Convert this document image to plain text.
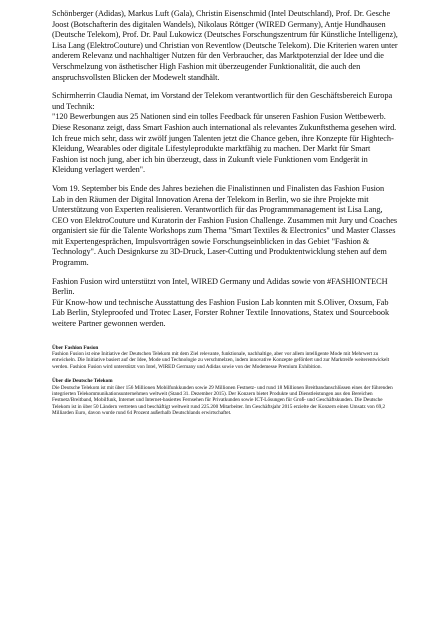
Schönberger (Adidas), Markus Luft (Gala), Christin Eisenschmid (Intel Deutschland), Prof. Dr. Gesche Joost (Botschafterin des digitalen Wandels), Nikolaus Röttger (WIRED Germany), Antje Hundhausen (Deutsche Telekom), Prof. Dr. Paul Lukowicz (Deutsches Forschungszentrum für Künstliche Intelligenz), Lisa Lang (ElektroCouture) und Christian von Reventlow (Deutsche Telekom). Die Kriterien waren unter anderem Relevanz und nachhaltiger Nutzen für den Verbraucher, das Marktpotenzial der Idee und die Verschmelzung von ästhetischer High Fashion mit überzeugender Funktionalität, die auch den anspruchsvollsten Blicken der Modewelt standhält.

Schirmherrin Claudia Nemat, im Vorstand der Telekom verantwortlich für den Geschäftsbereich Europa und Technik:

"120 Bewerbungen aus 25 Nationen sind ein tolles Feedback für unseren Fashion Fusion Wettbewerb. Diese Resonanz zeigt, dass Smart Fashion auch international als relevantes Zukunftsthema gesehen wird. Ich freue mich sehr, dass wir zwölf jungen Talenten jetzt die Chance geben, ihre Konzepte für Hightech-Kleidung, Wearables oder digitale Lifestyleprodukte marktfähig zu machen. Der Markt für Smart Fashion ist noch jung, aber ich bin überzeugt, dass in Zukunft viele Funktionen vom Endgerät in Kleidung verlagert werden".

Vom 19. September bis Ende des Jahres beziehen die Finalistinnen und Finalisten das Fashion Fusion Lab in den Räumen der Digital Innovation Arena der Telekom in Berlin, wo sie ihre Projekte mit Unterstützung von Experten realisieren. Verantwortlich für das Programmmanagement ist Lisa Lang, CEO von ElektroCouture und Kuratorin der Fashion Fusion Challenge. Zusammen mit Jury und Coaches organisiert sie für die Talente Workshops zum Thema "Smart Textiles & Electronics" und Master Classes mit Expertengesprächen, Impulsvorträgen sowie Forschungseinblicken in das Gebiet "Fashion & Technology". Auch Designkurse zu 3D-Druck, Laser-Cutting und Produktentwicklung stehen auf dem Programm.

Fashion Fusion wird unterstützt von Intel, WIRED Germany und Adidas sowie von #FASHIONTECH Berlin.

Für Know-how und technische Ausstattung des Fashion Fusion Lab konnten mit S.Oliver, Oxsum, Fab Lab Berlin, Styleproofed und Trotec Laser, Forster Rohner Textile Innovations, Statex und Sourcebook weitere Partner gewonnen werden.

Über Fashion Fusion

Fashion Fusion ist eine Initiative der Deutschen Telekom mit dem Ziel relevante, funktionale, nachhaltige, aber vor allem intelligente Mode mit Mehrwert zu entwickeln. Die Initiative basiert auf der Idee, Mode und Technologie zu verschmelzen, indem innovative Konzepte gefördert und zur Marktreife weiterentwickelt werden. Fashion Fusion wird unterstützt von Intel, WIRED Germany und Adidas sowie von der Modemesse Premium Exhibition.

Über die Deutsche Telekom

Die Deutsche Telekom ist mit über 156 Millionen Mobilfunkkunden sowie 29 Millionen Festnetz- und rund 18 Millionen Breitbandanschlüssen eines der führenden integrierten Telekommunikationsunternehmen weltweit (Stand 31. Dezember 2015). Der Konzern bietet Produkte und Dienstleistungen aus den Bereichen Festnetz/Breitband, Mobilfunk, Internet und Internet-basiertes Fernsehen für Privatkunden sowie ICT-Lösungen für Groß- und Geschäftskunden. Die Deutsche Telekom ist in über 50 Ländern vertreten und beschäftigt weltweit rund 225.200 Mitarbeiter. Im Geschäftsjahr 2015 erzielte der Konzern einen Umsatz von 69,2 Milliarden Euro, davon wurde rund 64 Prozent außerhalb Deutschlands erwirtschaftet.
